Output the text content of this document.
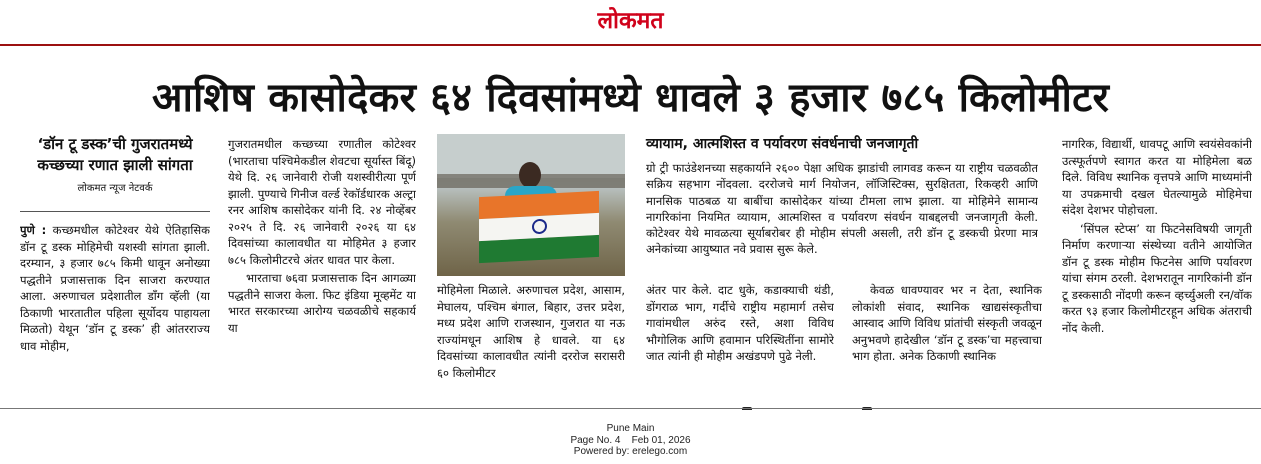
लोकमत
आशिष कासोदेकर ६४ दिवसांमध्ये धावले ३ हजार ७८५ किलोमीटर
‘डॉन टू डस्क’ची गुजरातमध्ये कच्छच्या रणात झाली सांगता
लोकमत न्यूज नेटवर्क

पुणे : कच्छमधील कोटेश्वर येथे ऐतिहासिक डॉन टू डस्क मोहिमेची यशस्वी सांगता झाली. दरम्यान, ३ हजार ७८५ किमी धावून अनोख्या पद्धतीने प्रजासत्ताक दिन साजरा करण्यात आला. अरुणाचल प्रदेशातील डॉंग व्हॅली (या ठिकाणी भारतातील पहिला सूर्योदय पाहायला मिळतो) येथून ‘डॉन टू डस्क’ ही आंतरराज्य धाव मोहीम,

गुजरातमधील कच्छच्या रणातील कोटेश्वर (भारताचा पश्चिमेकडील शेवटचा सूर्यास्त बिंदू) येथे दि. २६ जानेवारी रोजी यशस्वीरीत्या पूर्ण झाली. पुण्याचे गिनीज वर्ल्ड रेकॉर्डधारक अल्ट्रा रनर आशिष कासोदेकर यांनी दि. २४ नोव्हेंबर २०२५ ते दि. २६ जानेवारी २०२६ या ६४ दिवसांच्या कालावधीत या मोहिमेत ३ हजार ७८५ किलोमीटरचे अंतर धावत पार केला.

भारताचा ७६वा प्रजासत्ताक दिन आगळ्या पद्धतीने साजरा केला. फिट इंडिया मूव्हमेंट या भारत सरकारच्या आरोग्य चळवळीचे सहकार्य या

मोहिमेला मिळाले. अरुणाचल प्रदेश, आसाम, मेघालय, पश्चिम बंगाल, बिहार, उत्तर प्रदेश, मध्य प्रदेश आणि राजस्थान, गुजरात या नऊ राज्यांमधून आशिष हे धावले. या ६४ दिवसांच्या कालावधीत त्यांनी दररोज सरासरी ६० किलोमीटर

व्यायाम, आत्मशिस्त व पर्यावरण संवर्धनाची जनजागृती

ग्रो ट्री फाउंडेशनच्या सहकार्याने २६०० पेक्षा अधिक झाडांची लागवड करून या राष्ट्रीय चळवळीत सक्रिय सहभाग नोंदवला. दररोजचे मार्ग नियोजन, लॉजिस्टिक्स, सुरक्षितता, रिकव्हरी आणि मानसिक पाठबळ या बाबींचा कासोदेकर यांच्या टीमला लाभ झाला. या मोहिमेने सामान्य नागरिकांना नियमित व्यायाम, आत्मशिस्त व पर्यावरण संवर्धन याबद्दलची जनजागृती केली. कोटेश्वर येथे मावळत्या सूर्याबरोबर ही मोहीम संपली असली, तरी डॉन टू डस्कची प्रेरणा मात्र अनेकांच्या आयुष्यात नवे प्रवास सुरू केले.

अंतर पार केले. दाट धुके, कडाक्याची थंडी, डोंगराळ भाग, गर्दीचे राष्ट्रीय महामार्ग तसेच गावांमधील अरुंद रस्ते, अशा विविध भौगोलिक आणि हवामान परिस्थितींना सामोरे जात त्यांनी ही मोहीम अखंडपणे पुढे नेली.

केवळ धावण्यावर भर न देता, स्थानिक लोकांशी संवाद, स्थानिक खाद्यसंस्कृतीचा आस्वाद आणि विविध प्रांतांची संस्कृती जवळून अनुभवणे हादेखील ‘डॉन टू डस्क’चा महत्त्वाचा भाग होता. अनेक ठिकाणी स्थानिक

नागरिक, विद्यार्थी, धावपटू आणि स्वयंसेवकांनी उत्स्फूर्तपणे स्वागत करत या मोहिमेला बळ दिले. विविध स्थानिक वृत्तपत्रे आणि माध्यमांनी या उपक्रमाची दखल घेतल्यामुळे मोहिमेचा संदेश देशभर पोहोचला.

‘सिंपल स्टेप्स’ या फिटनेसविषयी जागृती निर्माण करणाऱ्या संस्थेच्या वतीने आयोजित डॉन टू डस्क मोहीम फिटनेस आणि पर्यावरण यांचा संगम ठरली. देशभरातून नागरिकांनी डॉन टू डस्कसाठी नोंदणी करून व्हर्च्युअली रन/वॉक करत ९३ हजार किलोमीटरहून अधिक अंतराची नोंद केली.

Pune Main
Page No. 4    Feb 01, 2026
Powered by: erelego.com
